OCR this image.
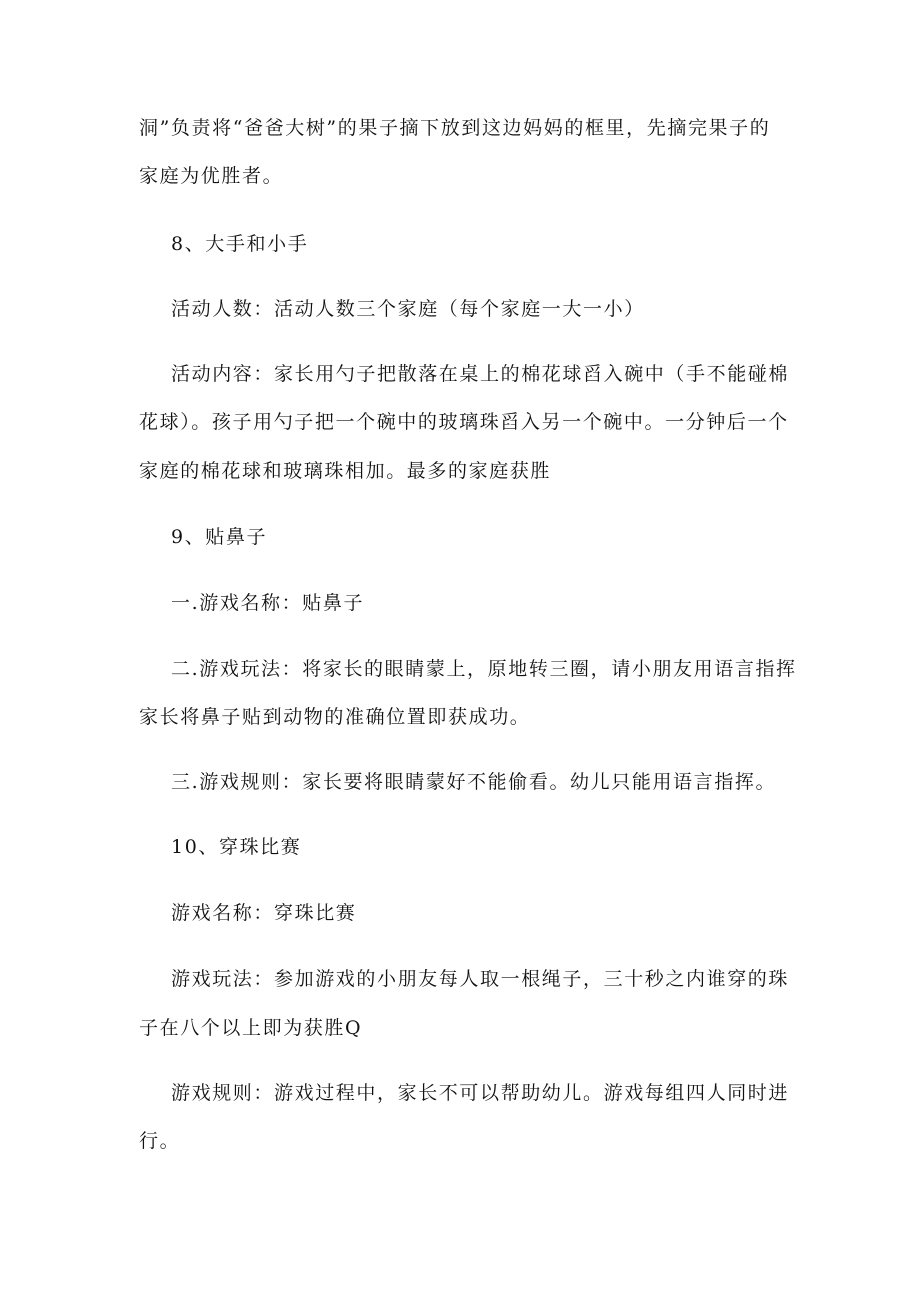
洞”负责将“爸爸大树”的果子摘下放到这边妈妈的框里，先摘完果子的
家庭为优胜者。
8、大手和小手
活动人数：活动人数三个家庭（每个家庭一大一小）
活动内容：家长用勺子把散落在桌上的棉花球舀入碗中（手不能碰棉
花球）。孩子用勺子把一个碗中的玻璃珠舀入另一个碗中。一分钟后一个
家庭的棉花球和玻璃珠相加。最多的家庭获胜
9、贴鼻子
一.游戏名称：贴鼻子
二.游戏玩法：将家长的眼睛蒙上，原地转三圈，请小朋友用语言指挥
家长将鼻子贴到动物的准确位置即获成功。
三.游戏规则：家长要将眼睛蒙好不能偷看。幼儿只能用语言指挥。
10、穿珠比赛
游戏名称：穿珠比赛
游戏玩法：参加游戏的小朋友每人取一根绳子，三十秒之内谁穿的珠
子在八个以上即为获胜Q
游戏规则：游戏过程中，家长不可以帮助幼儿。游戏每组四人同时进
行。
